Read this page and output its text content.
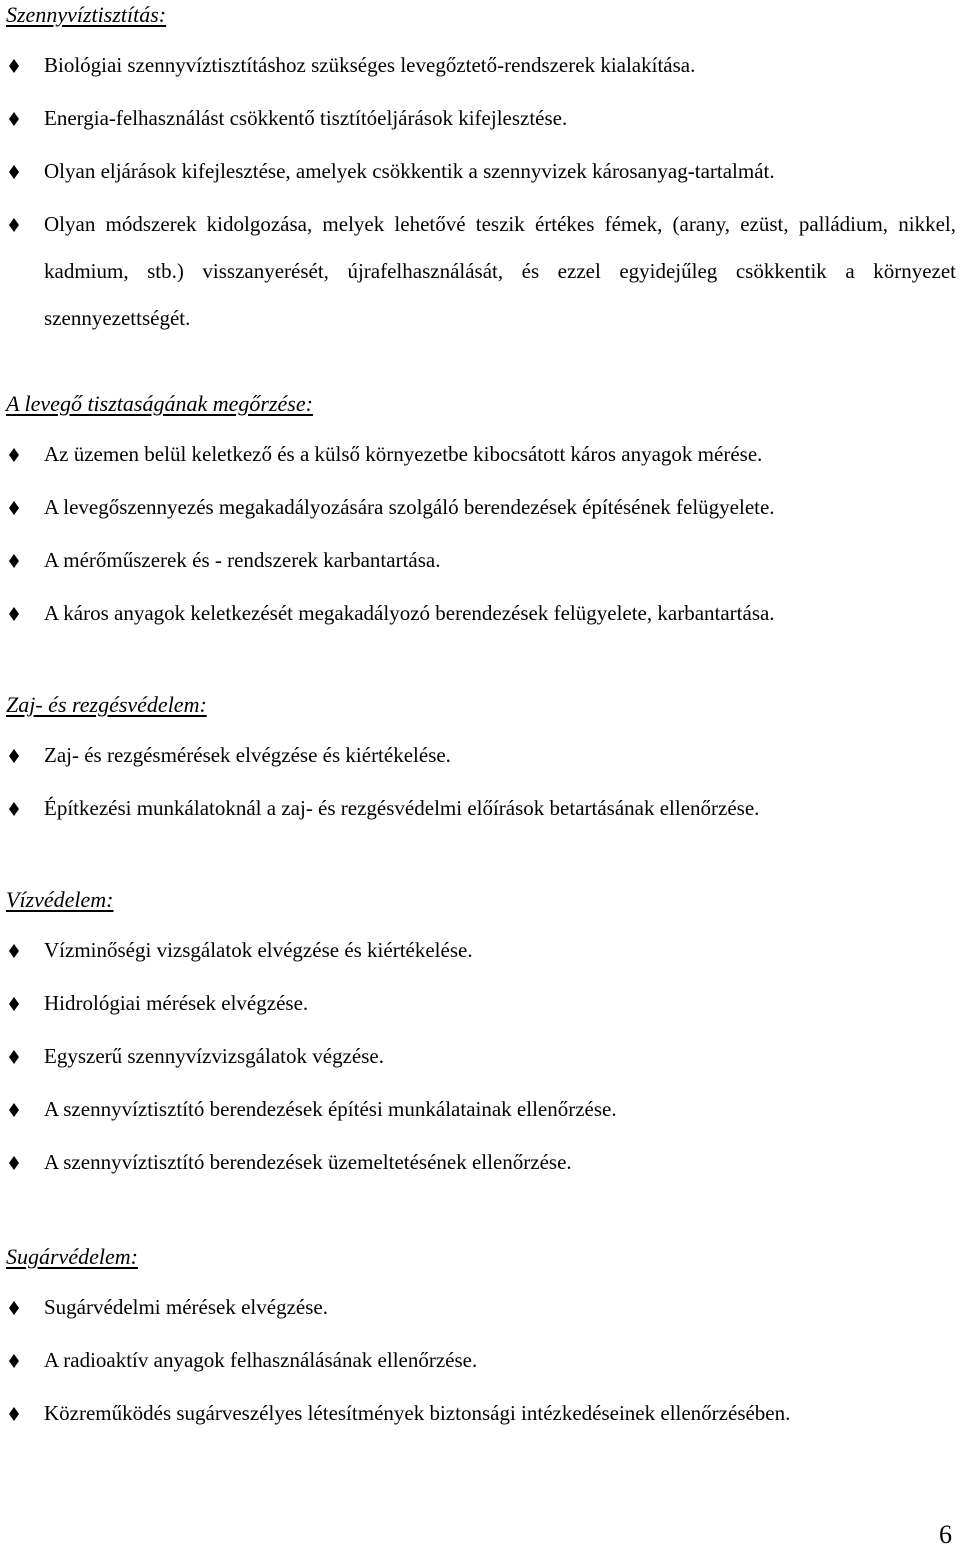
Szennyvíztisztítás:
Biológiai szennyvíztisztításhoz szükséges levegőztető-rendszerek kialakítása.
Energia-felhasználást csökkentő tisztítóeljárások kifejlesztése.
Olyan eljárások kifejlesztése, amelyek csökkentik a szennyvizek károsanyag-tartalmát.
Olyan módszerek kidolgozása, melyek lehetővé teszik értékes fémek, (arany, ezüst, palládium, nikkel, kadmium, stb.) visszanyerését, újrafelhasználását, és ezzel egyidejűleg csökkentik a környezet szennyezettségét.
A levegő tisztaságának megőrzése:
Az üzemen belül keletkező és a külső környezetbe kibocsátott káros anyagok mérése.
A levegőszennyezés megakadályozására szolgáló berendezések építésének felügyelete.
A mérőműszerek és - rendszerek karbantartása.
A káros anyagok keletkezését megakadályozó berendezések felügyelete, karbantartása.
Zaj- és rezgésvédelem:
Zaj- és rezgésmérések elvégzése és kiértékelése.
Építkezési munkálatoknál a zaj- és rezgésvédelmi előírások betartásának ellenőrzése.
Vízvédelem:
Vízminőségi vizsgálatok elvégzése és kiértékelése.
Hidrológiai mérések elvégzése.
Egyszerű szennyvízvizsgálatok végzése.
A szennyvíztisztító berendezések építési munkálatainak ellenőrzése.
A szennyvíztisztító berendezések üzemeltetésének ellenőrzése.
Sugárvédelem:
Sugárvédelmi mérések elvégzése.
A radioaktív anyagok felhasználásának ellenőrzése.
Közreműködés sugárveszélyes létesítmények biztonsági intézkedéseinek ellenőrzésében.
6
